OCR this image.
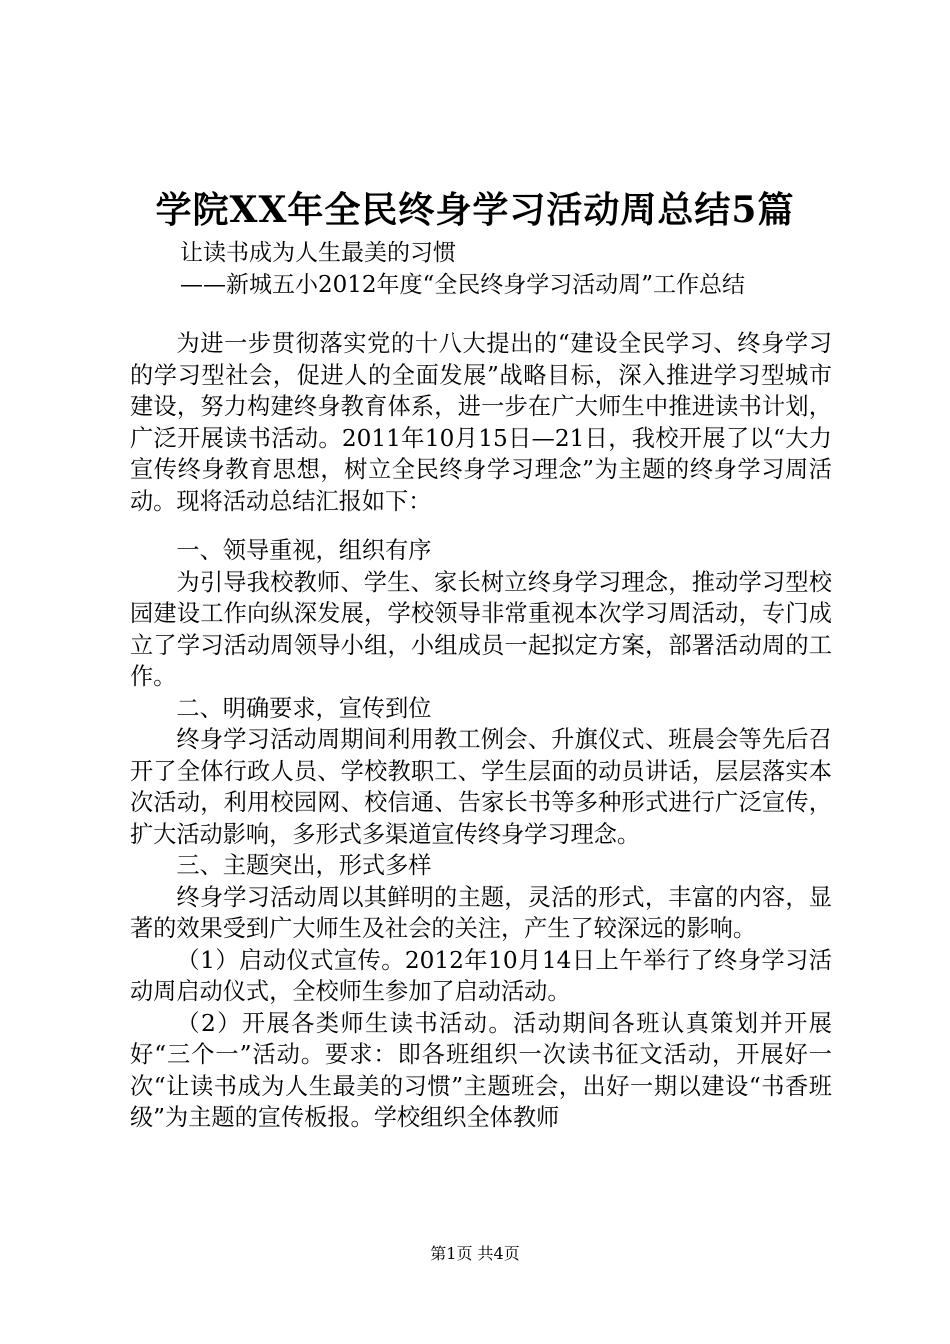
学院XX年全民终身学习活动周总结5篇
让读书成为人生最美的习惯
——新城五小2012年度“全民终身学习活动周”工作总结

为进一步贯彻落实党的十八大提出的“建设全民学习、终身学习的学习型社会，促进人的全面发展”战略目标，深入推进学习型城市建设，努力构建终身教育体系，进一步在广大师生中推进读书计划，广泛开展读书活动。2011年10月15日—21日，我校开展了以“大力宣传终身教育思想，树立全民终身学习理念”为主题的终身学习周活动。现将活动总结汇报如下：

一、领导重视，组织有序

为引导我校教师、学生、家长树立终身学习理念，推动学习型校园建设工作向纵深发展，学校领导非常重视本次学习周活动，专门成立了学习活动周领导小组，小组成员一起拟定方案，部署活动周的工作。

二、明确要求，宣传到位

终身学习活动周期间利用教工例会、升旗仪式、班晨会等先后召开了全体行政人员、学校教职工、学生层面的动员讲话，层层落实本次活动，利用校园网、校信通、告家长书等多种形式进行广泛宣传，扩大活动影响，多形式多渠道宣传终身学习理念。

三、主题突出，形式多样

终身学习活动周以其鲜明的主题，灵活的形式，丰富的内容，显著的效果受到广大师生及社会的关注，产生了较深远的影响。

（1）启动仪式宣传。2012年10月14日上午举行了终身学习活动周启动仪式，全校师生参加了启动活动。

（2）开展各类师生读书活动。活动期间各班认真策划并开展好“三个一”活动。要求：即各班组织一次读书征文活动，开展好一次“让读书成为人生最美的习惯”主题班会，出好一期以建设“书香班级”为主题的宣传板报。学校组织全体教师

第1页 共4页
